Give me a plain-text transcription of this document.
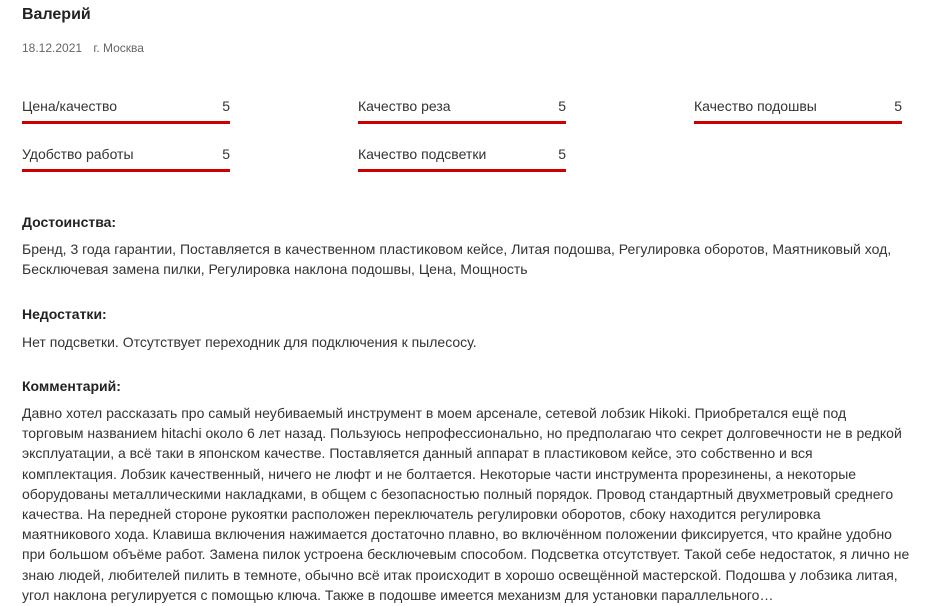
Валерий
18.12.2021 г. Москва
Цена/качество	5	Качество реза	5	Качество подошвы	5
Удобство работы	5	Качество подсветки	5
Достоинства:
Бренд, 3 года гарантии, Поставляется в качественном пластиковом кейсе, Литая подошва, Регулировка оборотов, Маятниковый ход, Бесключевая замена пилки, Регулировка наклона подошвы, Цена, Мощность
Недостатки:
Нет подсветки. Отсутствует переходник для подключения к пылесосу.
Комментарий:
Давно хотел рассказать про самый неубиваемый инструмент в моем арсенале, сетевой лобзик Hikoki. Приобретался ещё под торговым названием hitachi около 6 лет назад. Пользуюсь непрофессионально, но предполагаю что секрет долговечности не в редкой эксплуатации, а всё таки в японском качестве. Поставляется данный аппарат в пластиковом кейсе, это собственно и вся комплектация. Лобзик качественный, ничего не люфт и не болтается. Некоторые части инструмента прорезинены, а некоторые оборудованы металлическими накладками, в общем с безопасностью полный порядок. Провод стандартный двухметровый среднего качества. На передней стороне рукоятки расположен переключатель регулировки оборотов, сбоку находится регулировка маятникового хода. Клавиша включения нажимается достаточно плавно, во включённом положении фиксируется, что крайне удобно при большом объёме работ. Замена пилок устроена бесключевым способом. Подсветка отсутствует. Такой себе недостаток, я лично не знаю людей, любителей пилить в темноте, обычно всё итак происходит в хорошо освещённой мастерской. Подошва у лобзика литая, угол наклона регулируется с помощью ключа. Также в подошве имеется механизм для установки параллельного…
